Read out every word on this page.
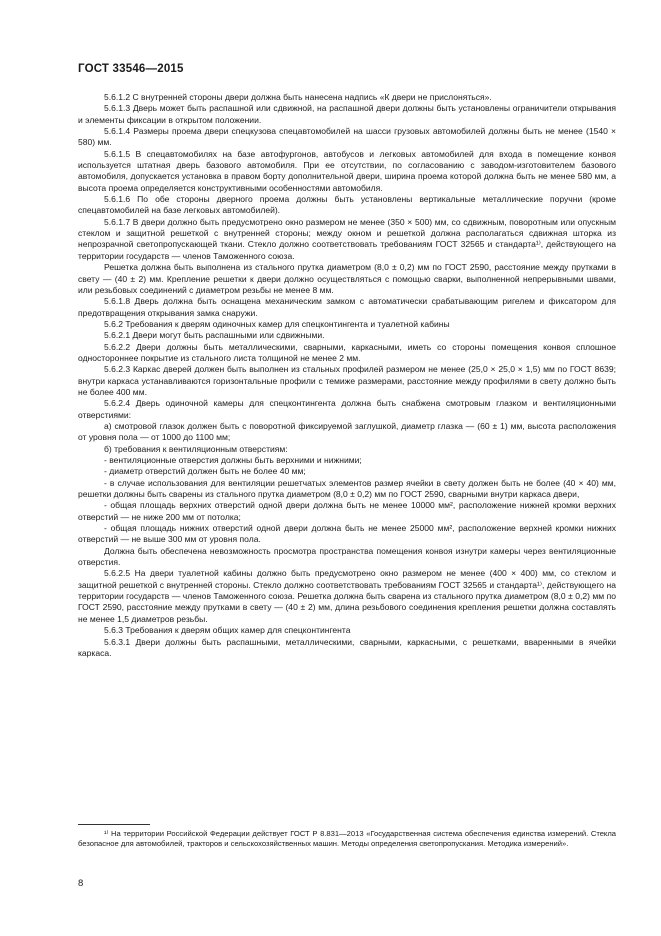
ГОСТ 33546—2015

5.6.1.2 С внутренней стороны двери должна быть нанесена надпись «К двери не прислоняться».

5.6.1.3 Дверь может быть распашной или сдвижной, на распашной двери должны быть установлены ограничители открывания и элементы фиксации в открытом положении.

5.6.1.4 Размеры проема двери спецкузова спецавтомобилей на шасси грузовых автомобилей должны быть не менее (1540 × 580) мм.

5.6.1.5 В спецавтомобилях на базе автофургонов, автобусов и легковых автомобилей для входа в помещение конвоя используется штатная дверь базового автомобиля. При ее отсутствии, по согласованию с заводом-изготовителем базового автомобиля, допускается установка в правом борту дополнительной двери, ширина проема которой должна быть не менее 580 мм, а высота проема определяется конструктивными особенностями автомобиля.

5.6.1.6 По обе стороны дверного проема должны быть установлены вертикальные металлические поручни (кроме спецавтомобилей на базе легковых автомобилей).

5.6.1.7 В двери должно быть предусмотрено окно размером не менее (350 × 500) мм, со сдвижным, поворотным или опускным стеклом и защитной решеткой с внутренней стороны; между окном и решеткой должна располагаться сдвижная шторка из непрозрачной светопропускающей ткани. Стекло должно соответствовать требованиям ГОСТ 32565 и стандарта¹⁾, действующего на территории государств — членов Таможенного союза.

Решетка должна быть выполнена из стального прутка диаметром (8,0 ± 0,2) мм по ГОСТ 2590, расстояние между прутками в свету — (40 ± 2) мм. Крепление решетки к двери должно осуществляться с помощью сварки, выполненной непрерывными швами, или резьбовых соединений с диаметром резьбы не менее 8 мм.

5.6.1.8 Дверь должна быть оснащена механическим замком с автоматически срабатывающим ригелем и фиксатором для предотвращения открывания замка снаружи.

5.6.2 Требования к дверям одиночных камер для спецконтингента и туалетной кабины

5.6.2.1 Двери могут быть распашными или сдвижными.

5.6.2.2 Двери должны быть металлическими, сварными, каркасными, иметь со стороны помещения конвоя сплошное одностороннее покрытие из стального листа толщиной не менее 2 мм.

5.6.2.3 Каркас дверей должен быть выполнен из стальных профилей размером не менее (25,0 × 25,0 × 1,5) мм по ГОСТ 8639; внутри каркаса устанавливаются горизонтальные профили с темиже размерами, расстояние между профилями в свету должно быть не более 400 мм.

5.6.2.4 Дверь одиночной камеры для спецконтингента должна быть снабжена смотровым глазком и вентиляционными отверстиями:

а) смотровой глазок должен быть с поворотной фиксируемой заглушкой, диаметр глазка — (60 ± 1) мм, высота расположения от уровня пола — от 1000 до 1100 мм;

б) требования к вентиляционным отверстиям:

- вентиляционные отверстия должны быть верхними и нижними;

- диаметр отверстий должен быть не более 40 мм;

- в случае использования для вентиляции решетчатых элементов размер ячейки в свету должен быть не более (40 × 40) мм, решетки должны быть сварены из стального прутка диаметром (8,0 ± 0,2) мм по ГОСТ 2590, сварными внутри каркаса двери,

- общая площадь верхних отверстий одной двери должна быть не менее 10000 мм², расположение нижней кромки верхних отверстий — не ниже 200 мм от потолка;

- общая площадь нижних отверстий одной двери должна быть не менее 25000 мм², расположение верхней кромки нижних отверстий — не выше 300 мм от уровня пола.

Должна быть обеспечена невозможность просмотра пространства помещения конвоя изнутри камеры через вентиляционные отверстия.

5.6.2.5 На двери туалетной кабины должно быть предусмотрено окно размером не менее (400 × 400) мм, со стеклом и защитной решеткой с внутренней стороны. Стекло должно соответствовать требованиям ГОСТ 32565 и стандарта¹⁾, действующего на территории государств — членов Таможенного союза. Решетка должна быть сварена из стального прутка диаметром (8,0 ± 0,2) мм по ГОСТ 2590, расстояние между прутками в свету — (40 ± 2) мм, длина резьбового соединения крепления решетки должна составлять не менее 1,5 диаметров резьбы.

5.6.3 Требования к дверям общих камер для спецконтингента

5.6.3.1 Двери должны быть распашными, металлическими, сварными, каркасными, с решетками, вваренными в ячейки каркаса.

¹⁾ На территории Российской Федерации действует ГОСТ Р 8.831—2013 «Государственная система обеспечения единства измерений. Стекла безопасное для автомобилей, тракторов и сельскохозяйственных машин. Методы определения светопропускания. Методика измерений».

8
